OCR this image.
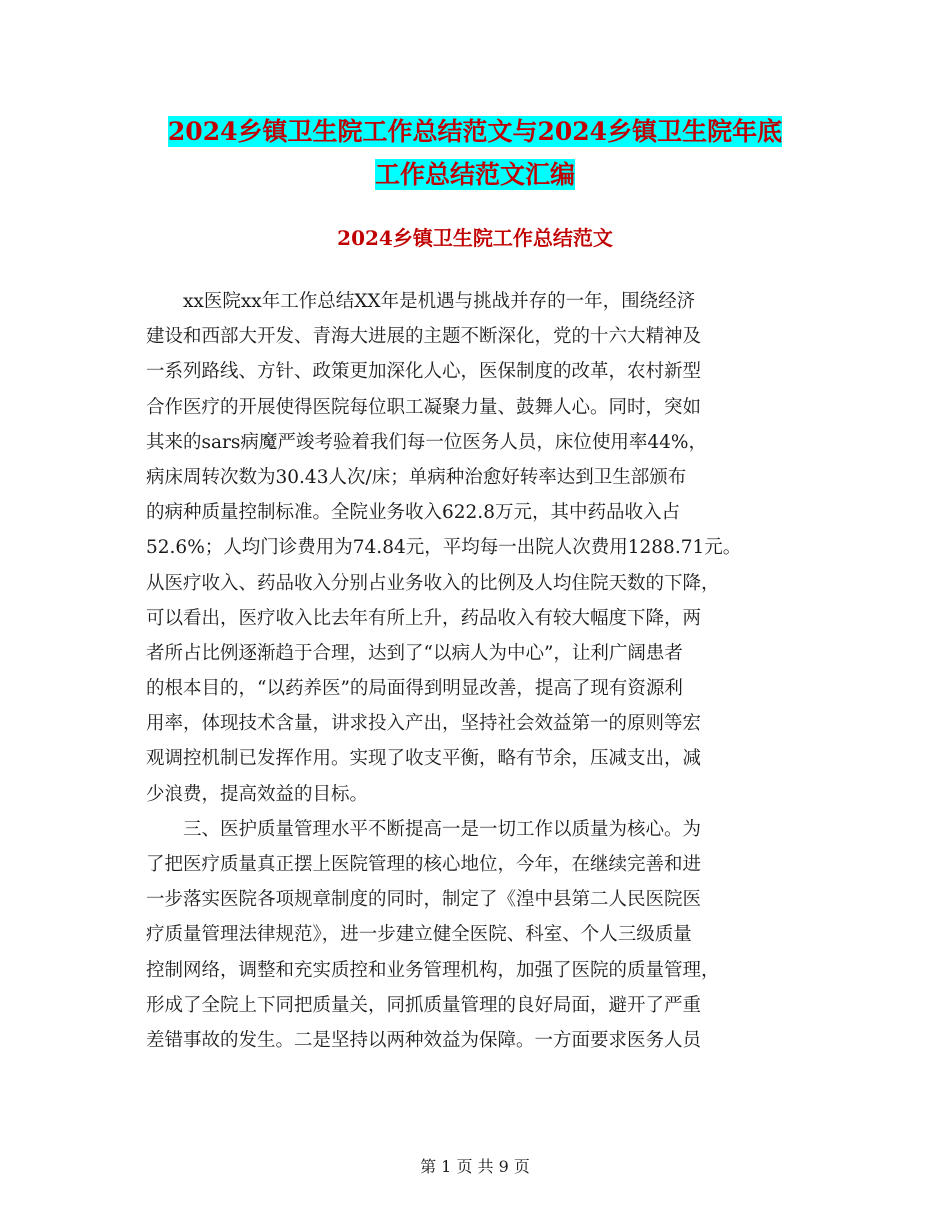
2024乡镇卫生院工作总结范文与2024乡镇卫生院年底
工作总结范文汇编
2024乡镇卫生院工作总结范文
xx医院xx年工作总结XX年是机遇与挑战并存的一年，围绕经济
建设和西部大开发、青海大进展的主题不断深化，党的十六大精神及
一系列路线、方针、政策更加深化人心，医保制度的改革，农村新型
合作医疗的开展使得医院每位职工凝聚力量、鼓舞人心。同时，突如
其来的sars病魔严竣考验着我们每一位医务人员，床位使用率44%，
病床周转次数为30.43人次/床；单病种治愈好转率达到卫生部颁布
的病种质量控制标准。全院业务收入622.8万元，其中药品收入占
52.6%；人均门诊费用为74.84元，平均每一出院人次费用1288.71元。
从医疗收入、药品收入分别占业务收入的比例及人均住院天数的下降，
可以看出，医疗收入比去年有所上升，药品收入有较大幅度下降，两
者所占比例逐渐趋于合理，达到了“以病人为中心”，让利广阔患者
的根本目的，“以药养医”的局面得到明显改善，提高了现有资源利
用率，体现技术含量，讲求投入产出，坚持社会效益第一的原则等宏
观调控机制已发挥作用。实现了收支平衡，略有节余，压减支出，减
少浪费，提高效益的目标。
三、医护质量管理水平不断提高一是一切工作以质量为核心。为
了把医疗质量真正摆上医院管理的核心地位，今年，在继续完善和进
一步落实医院各项规章制度的同时，制定了《湟中县第二人民医院医
疗质量管理法律规范》，进一步建立健全医院、科室、个人三级质量
控制网络，调整和充实质控和业务管理机构，加强了医院的质量管理，
形成了全院上下同把质量关，同抓质量管理的良好局面，避开了严重
差错事故的发生。二是坚持以两种效益为保障。一方面要求医务人员
第 1 页 共 9 页
